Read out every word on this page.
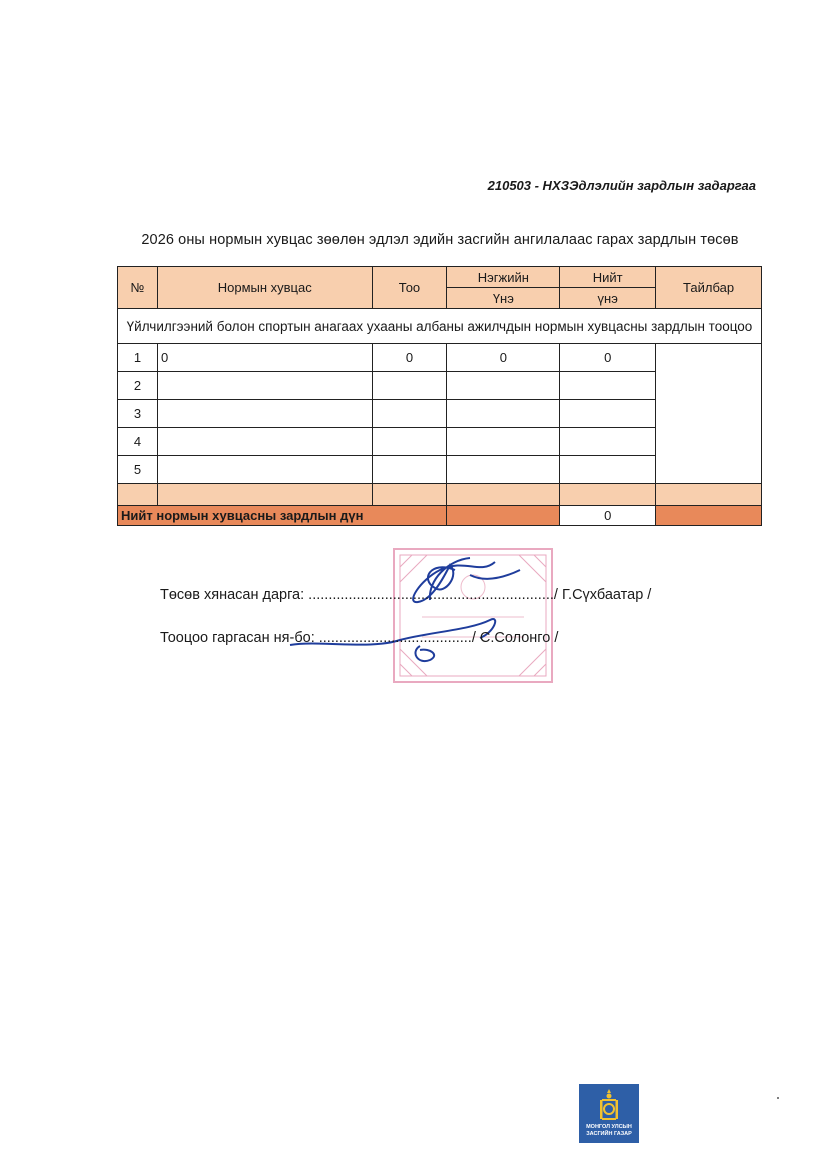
210503 - НХЗЭдлэлийн зардлын задаргаа
2026 оны нормын хувцас зөөлөн эдлэл эдийн засгийн ангилалаас гарах зардлын төсөв
№	Нормын хувцас	Тоо	Нэгжийн	Нийт	Тайлбар
			Үнэ	үнэ	
Үйлчилгээний болон спортын анагаах ухааны албаны ажилчдын нормын хувцасны зардлын тооцоо					
1	0	0	0	0	
2					
3					
4					
5					

Нийт нормын хувцасны зардлын дүн				0	
Төсөв хянасан дарга: ............................................................./ Г.Сүхбаатар /
Тооцоо гаргасан ня-бо: ....................................../ С.Солонго /
МОНГОЛ УЛСЫН
ЗАСГИЙН ГАЗАР
